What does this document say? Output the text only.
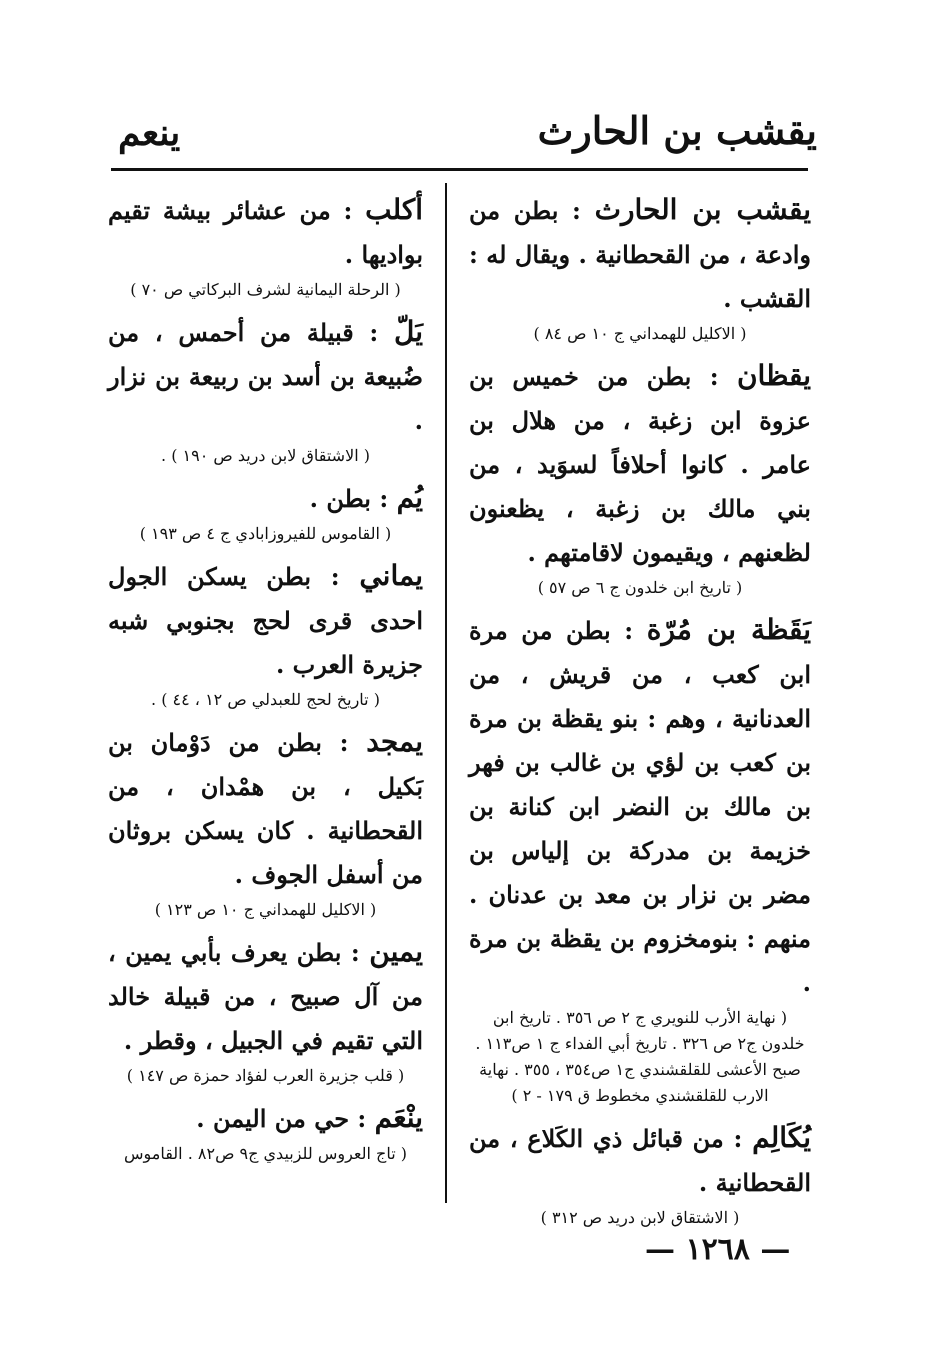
يقشب بن الحارث
ينعم

يقشب بن الحارث : بطن من وادعة ، من القحطانية . ويقال له : القشب .

( الاكليل للهمداني ج ١٠ ص ٨٤ )

يقظان : بطن من خميس بن عزوة ابن زغبة ، من هلال بن عامر . كانوا أحلافاً لسوَيد ، من بني مالك بن زغبة ، يظعنون لظعنهم ، ويقيمون لاقامتهم .

( تاريخ ابن خلدون ج ٦ ص ٥٧ )

يَقَظة بن مُرّة : بطن من مرة ابن كعب ، من قريش ، من العدنانية ، وهم : بنو يقظة بن مرة بن كعب بن لؤي بن غالب بن فهر بن مالك بن النضر ابن كنانة بن خزيمة بن مدركة بن إلياس بن مضر بن نزار بن معد بن عدنان . منهم : بنومخزوم بن يقظة بن مرة .

( نهاية الأرب للنويري ج ٢ ص ٣٥٦ . تاريخ ابن خلدون ج٢ ص ٣٢٦ . تاريخ أبي الفداء ج ١ ص١١٣ . صبح الأعشى للقلقشندي ج١ ص٣٥٤ ، ٣٥٥ . نهاية الارب للقلقشندي مخطوط ق ١٧٩ - ٢ )

يُكَالِم : من قبائل ذي الكَلاع ، من القحطانية .

( الاشتقاق لابن دريد ص ٣١٢ )

أكلب : من عشائر بيشة تقيم بواديها .

( الرحلة اليمانية لشرف البركاتي ص ٧٠ )

يَلّ : قبيلة من أحمس ، من ضُبيعة بن أسد بن ربيعة بن نزار .

( الاشتقاق لابن دريد ص ١٩٠ ) .

يُم : بطن .

( القاموس للفيروزابادي ج ٤ ص ١٩٣ )

يماني : بطن يسكن الجول احدى قرى لحج بجنوبي شبه جزيرة العرب .

( تاريخ لحج للعبدلي ص ١٢ ، ٤٤ ) .

يمجد : بطن من دَوْمان بن بَكيل ، بن همْدان ، من القحطانية . كان يسكن بروثان من أسفل الجوف .

( الاكليل للهمداني ج ١٠ ص ١٢٣ )

يمين : بطن يعرف بأبي يمين ، من آل صبيح ، من قبيلة خالد التي تقيم في الجبيل ، وقطر .

( قلب جزيرة العرب لفؤاد حمزة ص ١٤٧ )

ينْعَم : حي من اليمن .

( تاج العروس للزبيدي ج٩ ص٨٢ . القاموس

— ١٢٦٨ —
